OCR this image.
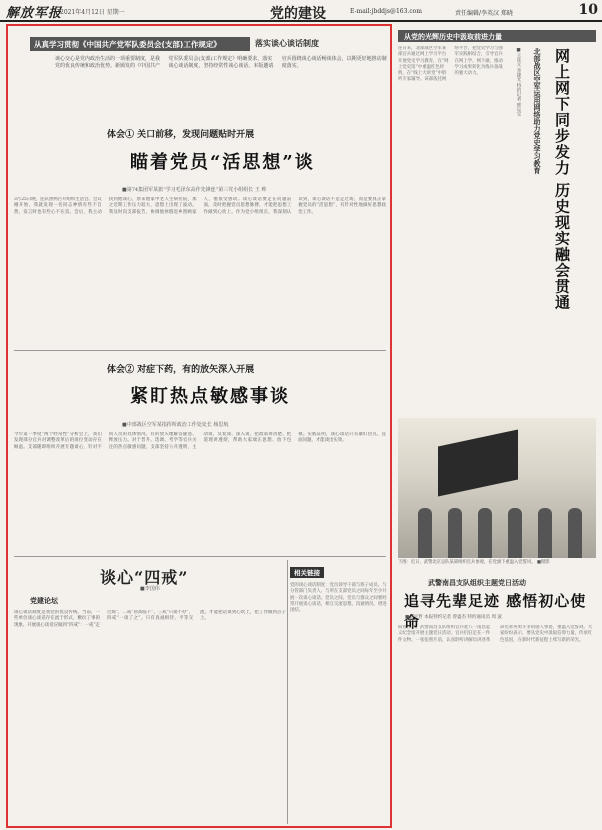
解放军报
2021年4月12日 星期一	党的建设	E-mail:jbddjs@163.com	责任编辑/李英汉 郑晓	10
从真学习贯彻《中国共产党军队委员会(支部)工作规定》	落实谈心谈话制度
谈心交心是党内政治生活的一项重要制度，是我党的优良传统和政治优势。新颁发的《中国共产党军队委员会(支部)工作规定》明确要求，落实谈心谈话制度，坚持经常性谈心谈话。本版邀请官兵围绕谈心谈话畅谈体会，以期更好地推动制度落实。
体会① 关口前移，发现问题贴时开展
瞄着党员“活思想”谈
■第74集团军某旅“学习毛泽东高作先锋连”第三党小组组长 王 帅
3月25日晚，连队照例召开组织生活会。会议刚开始，我就发现一名同志神情有些不自然，发言时也有些心不在焉。会后，我主动找到他谈心，原来他家中老人生病住院，加之近期工作压力较大，思想上出现了波动。我及时向支部报告，协调他休假返乡照顾家人，他很受感动。谈心谈话要走在问题前面，及时把握党员思想脉搏，才能把思想工作做到心坎上。作为党小组组长，我深刻认识到，谈心谈话不是走过场，而是要真正掌握党员的“活思想”，有针对性地做好思想政治工作。
体会② 对症下药，有的放矢深入开展
紧盯热点敏感事谈
■中部战区空军某指挥所政治工作处处长 杨思航
今年第一季度“两个经常性”分析会上，我们发现部分官兵对调整改革后的岗位变动存在顾虑。支部随即组织开展专题谈心，针对不同人员的具体情况，有的放矢地解答疑惑、释放压力。对于晋升、选调、考学等官兵关注的热点敏感问题，支部坚持公开透明，主动谈、反复谈、深入谈，把政策讲清楚、把道理讲透彻，帮助大家端正思想、放下包袱。实践证明，谈心谈话只有紧盯热点、直面问题，才能谈出实效。
谈心“四戒”
■李国伟
党建论坛
谈心谈话制度是我党的优良传统。当前，一些单位谈心谈话存在流于形式、敷衍了事的现象。开展谈心谈话应做到“四戒”：一戒“走过场”，二戒“居高临下”，三戒“只谈不办”，四戒“一谈了之”。只有真诚相待、平等交流，才能把话谈到心坎上，把工作做到点子上。
相关链接
党的谈心谈话制度：党员领导干部与班子成员、与分管部门负责人、与所在支部党员之间每年至少开展一次谈心谈话。党员之间、党员与群众之间要经常开展谈心谈话，相互交流思想、沟通情况、增进团结。
从党的光辉历史中汲取前进力量
连日来，北部战区空军某部官兵通过网上学习平台开展党史学习教育，在“网上党史馆”中重温红色经典，在“线上大讲堂”中聆听专家辅导。该部依托网络平台，把党史学习与强军实践相结合，引导官兵在网上学、网下做，推动学习成果转化为练兵备战的强大动力。	■王廷元 李建光 特约记者 邢运宝 北部战区空军运用网络助力党史学习教育 网上网下同步发力 历史现实融会贯通
下图：近日，武警北京总队某部组织官兵参观，在党旗下重温入党誓词。 ■摄影
武警南昌支队组织主题党日活动
追寻先辈足迹 感悟初心使命
■刘宇哲 本报特约记者 曾盛杰 特约通讯员 周 波
阳春三月，武警南昌支队组织官兵赴八一南昌起义纪念馆开展主题党日活动。官兵们驻足在一件件文物、一张张照片前，认真聆听讲解员讲述革命先辈英勇斗争的感人事迹，重温入党誓词。大家纷纷表示，要从党史中汲取信仰力量，传承红色基因，在新时代新征程上续写新的荣光。
